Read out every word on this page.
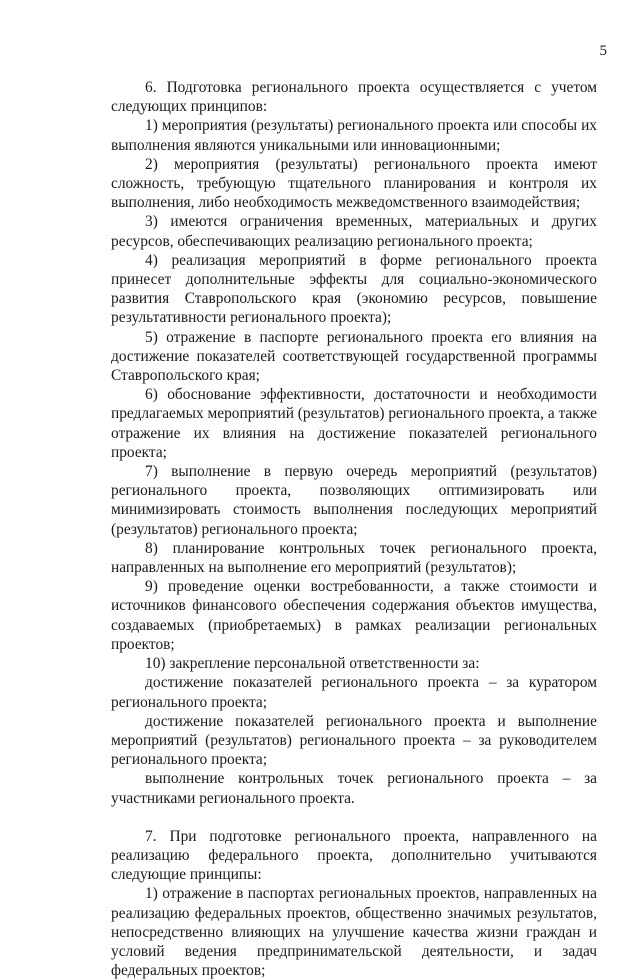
5

6. Подготовка регионального проекта осуществляется с учетом следующих принципов:

1) мероприятия (результаты) регионального проекта или способы их выполнения являются уникальными или инновационными;

2) мероприятия (результаты) регионального проекта имеют сложность, требующую тщательного планирования и контроля их выполнения, либо необходимость межведомственного взаимодействия;

3) имеются ограничения временных, материальных и других ресурсов, обеспечивающих реализацию регионального проекта;

4) реализация мероприятий в форме регионального проекта принесет дополнительные эффекты для социально-экономического развития Ставропольского края (экономию ресурсов, повышение результативности регионального проекта);

5) отражение в паспорте регионального проекта его влияния на достижение показателей соответствующей государственной программы Ставропольского края;

6) обоснование эффективности, достаточности и необходимости предлагаемых мероприятий (результатов) регионального проекта, а также отражение их влияния на достижение показателей регионального проекта;

7) выполнение в первую очередь мероприятий (результатов) регионального проекта, позволяющих оптимизировать или минимизировать стоимость выполнения последующих мероприятий (результатов) регионального проекта;

8) планирование контрольных точек регионального проекта, направленных на выполнение его мероприятий (результатов);

9) проведение оценки востребованности, а также стоимости и источников финансового обеспечения содержания объектов имущества, создаваемых (приобретаемых) в рамках реализации региональных проектов;

10) закрепление персональной ответственности за:

достижение показателей регионального проекта – за куратором регионального проекта;

достижение показателей регионального проекта и выполнение мероприятий (результатов) регионального проекта – за руководителем регионального проекта;

выполнение контрольных точек регионального проекта – за участниками регионального проекта.

7. При подготовке регионального проекта, направленного на реализацию федерального проекта, дополнительно учитываются следующие принципы:

1) отражение в паспортах региональных проектов, направленных на реализацию федеральных проектов, общественно значимых результатов, непосредственно влияющих на улучшение качества жизни граждан и условий ведения предпринимательской деятельности, и задач федеральных проектов;
